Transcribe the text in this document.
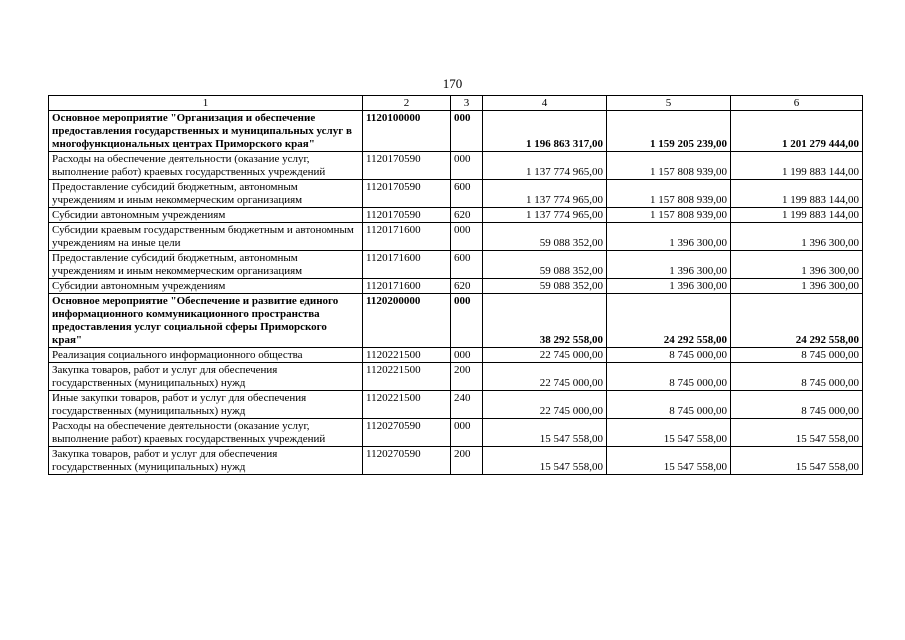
170
1	2	3	4	5	6
Основное мероприятие "Организация и обеспечение предоставления государственных и муниципальных услуг в многофункциональных центрах Приморского края"	1120100000	000	1 196 863 317,00	1 159 205 239,00	1 201 279 444,00
Расходы на обеспечение деятельности (оказание услуг, выполнение работ) краевых государственных учреждений	1120170590	000	1 137 774 965,00	1 157 808 939,00	1 199 883 144,00
Предоставление субсидий бюджетным, автономным учреждениям и иным некоммерческим организациям	1120170590	600	1 137 774 965,00	1 157 808 939,00	1 199 883 144,00
Субсидии автономным учреждениям	1120170590	620	1 137 774 965,00	1 157 808 939,00	1 199 883 144,00
Субсидии краевым государственным бюджетным и автономным учреждениям на иные цели	1120171600	000	59 088 352,00	1 396 300,00	1 396 300,00
Предоставление субсидий бюджетным, автономным учреждениям и иным некоммерческим организациям	1120171600	600	59 088 352,00	1 396 300,00	1 396 300,00
Субсидии автономным учреждениям	1120171600	620	59 088 352,00	1 396 300,00	1 396 300,00
Основное мероприятие "Обеспечение и развитие единого информационного коммуникационного пространства предоставления услуг социальной сферы Приморского края"	1120200000	000	38 292 558,00	24 292 558,00	24 292 558,00
Реализация социального информационного общества	1120221500	000	22 745 000,00	8 745 000,00	8 745 000,00
Закупка товаров, работ и услуг для обеспечения государственных (муниципальных) нужд	1120221500	200	22 745 000,00	8 745 000,00	8 745 000,00
Иные закупки товаров, работ и услуг для обеспечения государственных (муниципальных) нужд	1120221500	240	22 745 000,00	8 745 000,00	8 745 000,00
Расходы на обеспечение деятельности (оказание услуг, выполнение работ) краевых государственных учреждений	1120270590	000	15 547 558,00	15 547 558,00	15 547 558,00
Закупка товаров, работ и услуг для обеспечения государственных (муниципальных) нужд	1120270590	200	15 547 558,00	15 547 558,00	15 547 558,00
